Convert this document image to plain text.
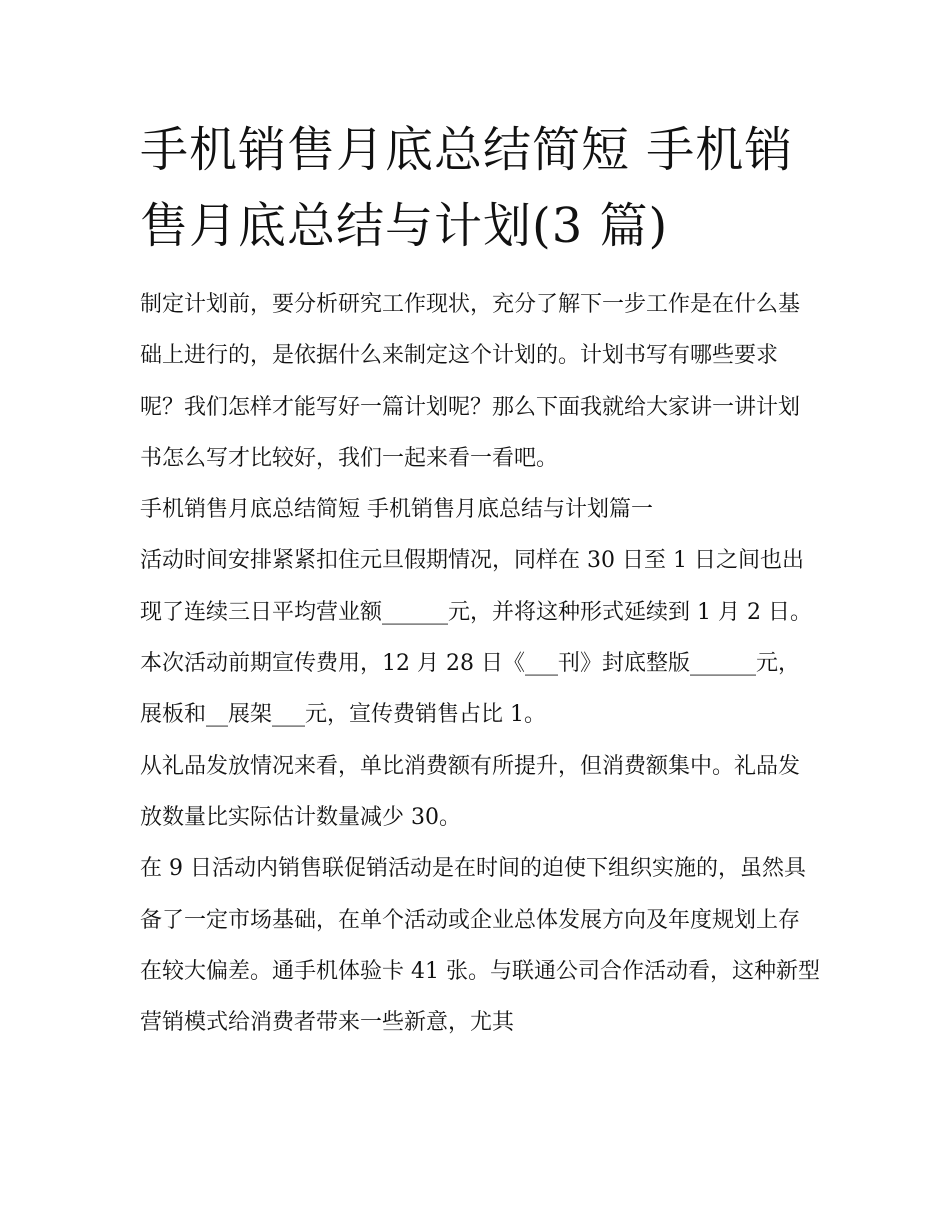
手机销售月底总结简短 手机销售月底总结与计划(3 篇)

制定计划前，要分析研究工作现状，充分了解下一步工作是在什么基础上进行的，是依据什么来制定这个计划的。计划书写有哪些要求呢？我们怎样才能写好一篇计划呢？那么下面我就给大家讲一讲计划书怎么写才比较好，我们一起来看一看吧。

手机销售月底总结简短 手机销售月底总结与计划篇一

活动时间安排紧紧扣住元旦假期情况，同样在 30 日至 1 日之间也出现了连续三日平均营业额______元，并将这种形式延续到 1 月 2 日。

本次活动前期宣传费用，12 月 28 日《___刊》封底整版______元，展板和__展架___元，宣传费销售占比 1。

从礼品发放情况来看，单比消费额有所提升，但消费额集中。礼品发放数量比实际估计数量减少 30。

在 9 日活动内销售联促销活动是在时间的迫使下组织实施的，虽然具备了一定市场基础，在单个活动或企业总体发展方向及年度规划上存在较大偏差。通手机体验卡 41 张。与联通公司合作活动看，这种新型营销模式给消费者带来一些新意，尤其
